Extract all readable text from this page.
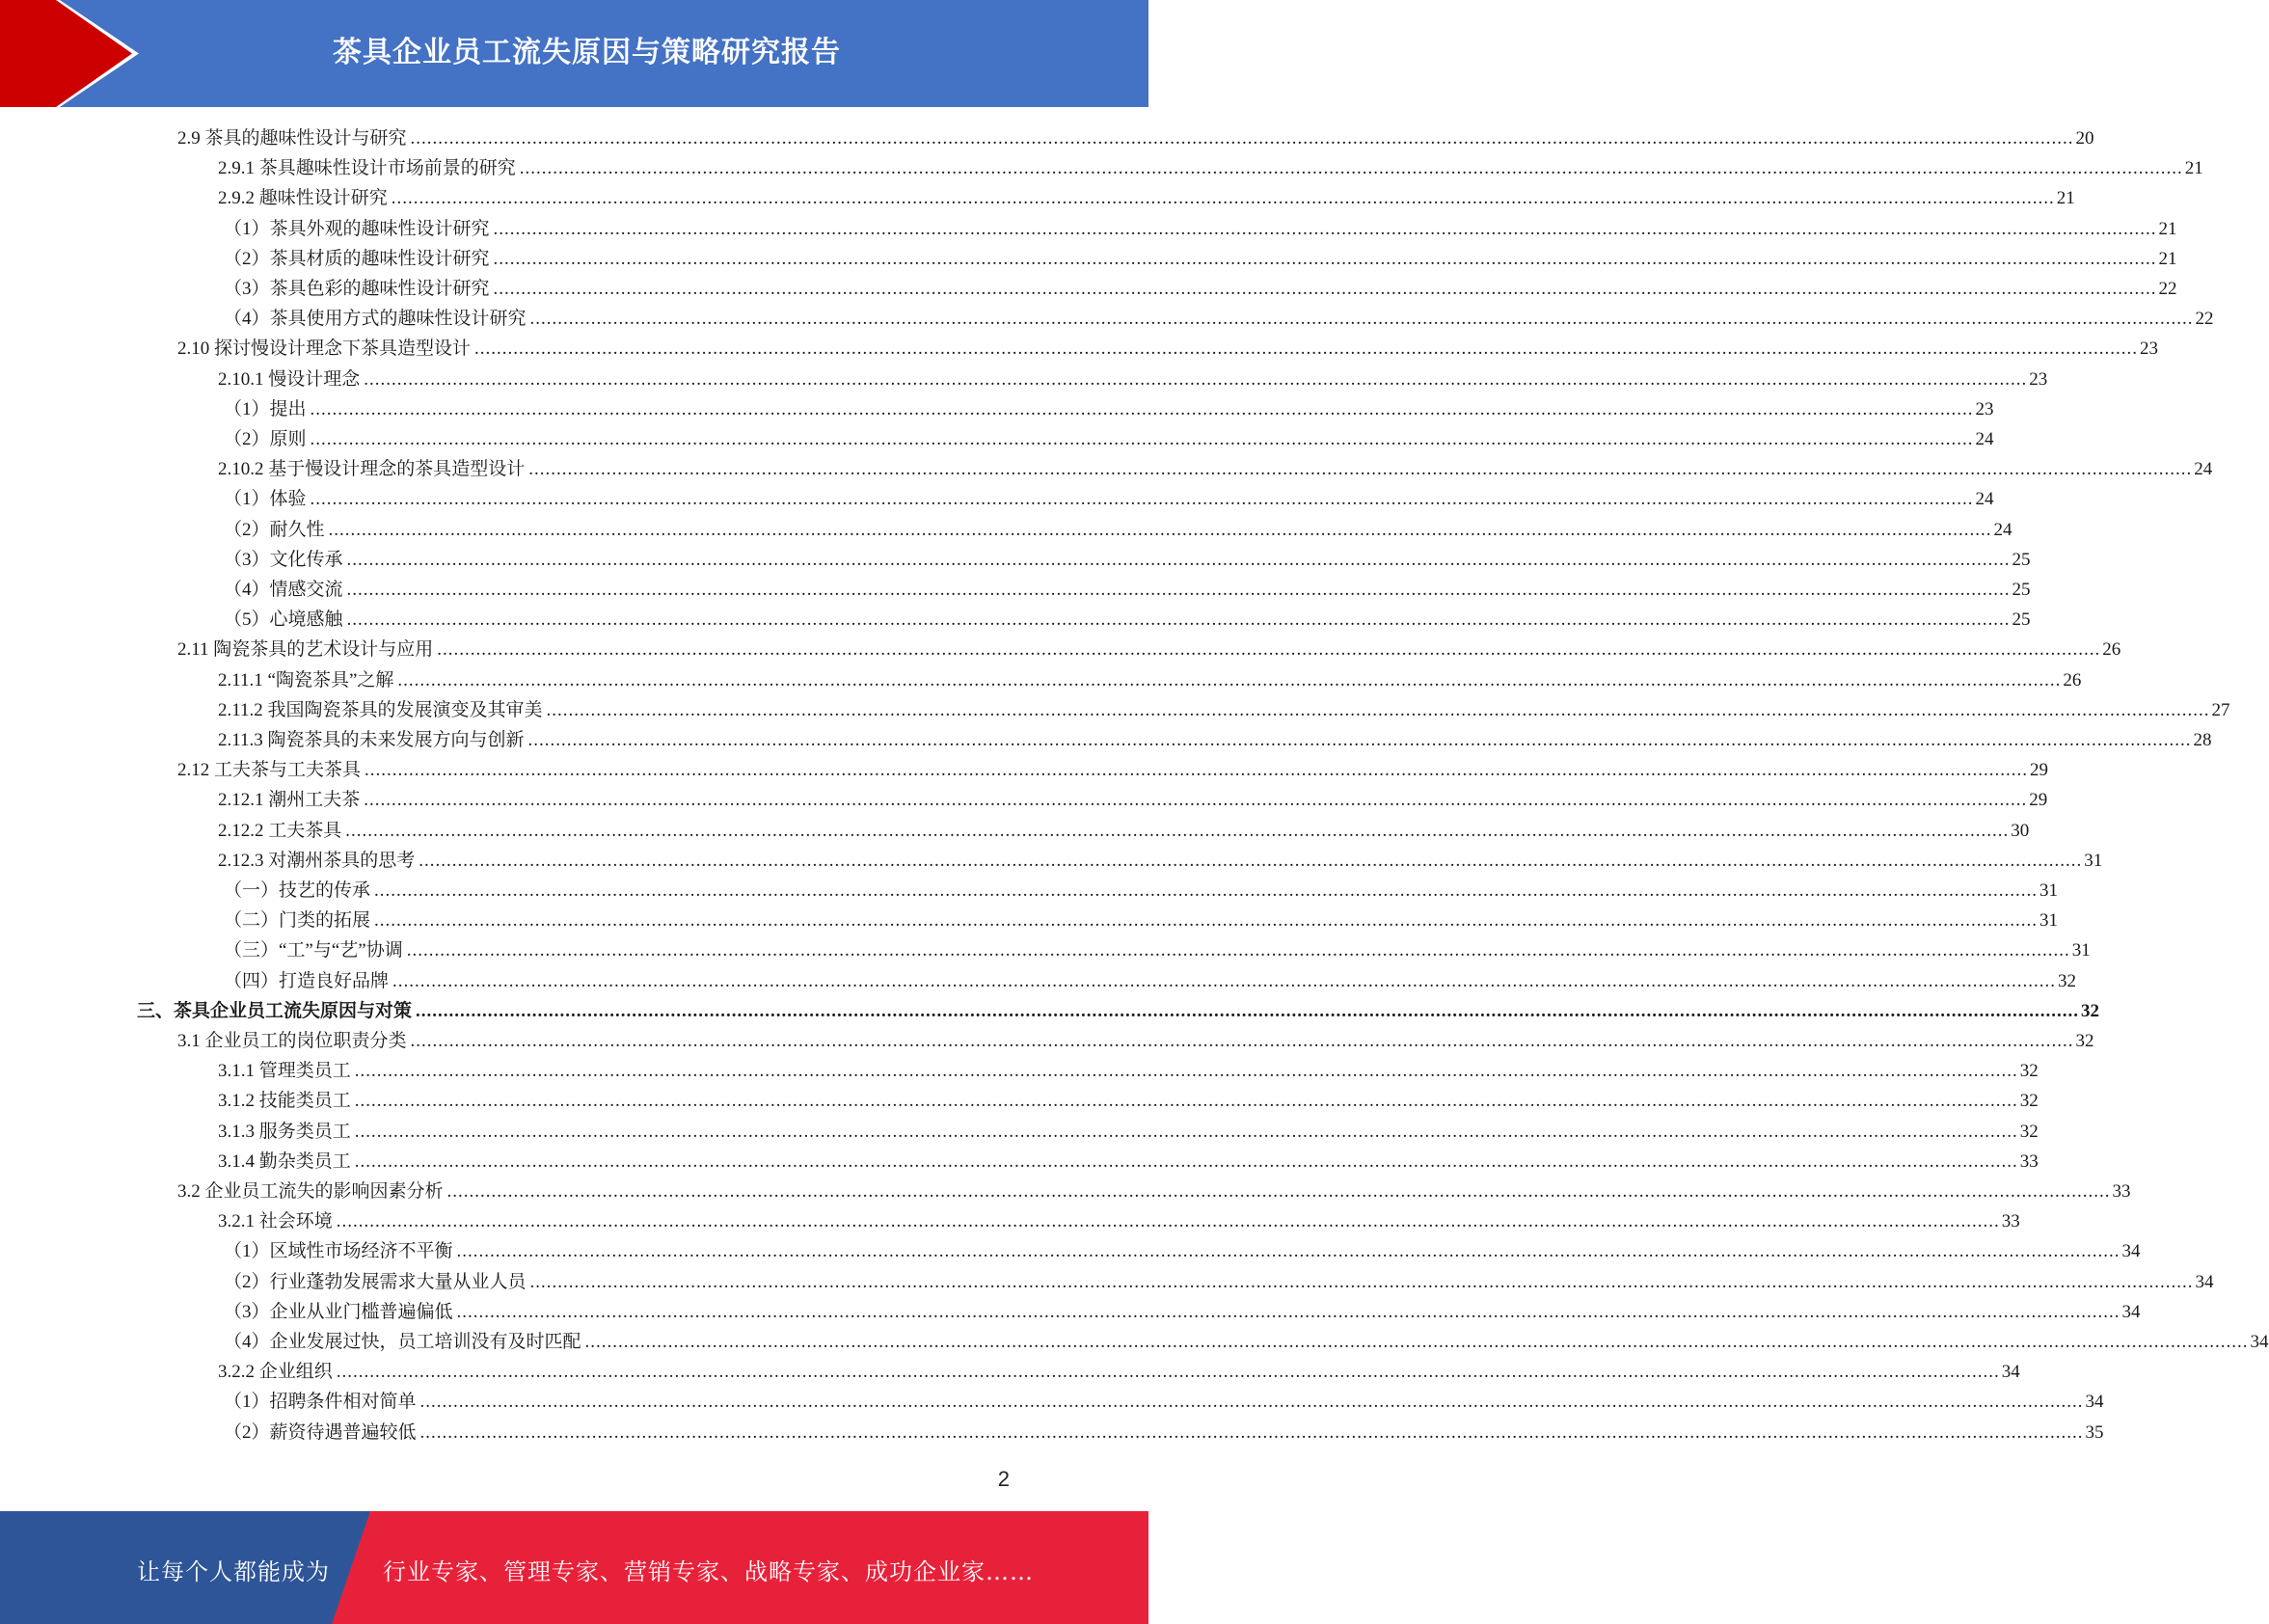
茶具企业员工流失原因与策略研究报告
2.9 茶具的趣味性设计与研究 ............................................................................................................................................................................................................................................................................................................ 20
2.9.1 茶具趣味性设计市场前景的研究 ............................................................................................................................................................................................................................................................................................................ 21
2.9.2 趣味性设计研究 ............................................................................................................................................................................................................................................................................................................ 21
（1）茶具外观的趣味性设计研究 ............................................................................................................................................................................................................................................................................................................ 21
（2）茶具材质的趣味性设计研究 ............................................................................................................................................................................................................................................................................................................ 21
（3）茶具色彩的趣味性设计研究 ............................................................................................................................................................................................................................................................................................................ 22
（4）茶具使用方式的趣味性设计研究 ............................................................................................................................................................................................................................................................................................................ 22
2.10 探讨慢设计理念下茶具造型设计 ............................................................................................................................................................................................................................................................................................................ 23
2.10.1 慢设计理念 ............................................................................................................................................................................................................................................................................................................ 23
（1）提出 ............................................................................................................................................................................................................................................................................................................ 23
（2）原则 ............................................................................................................................................................................................................................................................................................................ 24
2.10.2 基于慢设计理念的茶具造型设计 ............................................................................................................................................................................................................................................................................................................ 24
（1）体验 ............................................................................................................................................................................................................................................................................................................ 24
（2）耐久性 ............................................................................................................................................................................................................................................................................................................ 24
（3）文化传承 ............................................................................................................................................................................................................................................................................................................ 25
（4）情感交流 ............................................................................................................................................................................................................................................................................................................ 25
（5）心境感触 ............................................................................................................................................................................................................................................................................................................ 25
2.11 陶瓷茶具的艺术设计与应用 ............................................................................................................................................................................................................................................................................................................ 26
2.11.1 “陶瓷茶具”之解 ............................................................................................................................................................................................................................................................................................................ 26
2.11.2 我国陶瓷茶具的发展演变及其审美 ............................................................................................................................................................................................................................................................................................................ 27
2.11.3 陶瓷茶具的未来发展方向与创新 ............................................................................................................................................................................................................................................................................................................ 28
2.12 工夫茶与工夫茶具 ............................................................................................................................................................................................................................................................................................................ 29
2.12.1 潮州工夫茶 ............................................................................................................................................................................................................................................................................................................ 29
2.12.2 工夫茶具 ............................................................................................................................................................................................................................................................................................................ 30
2.12.3 对潮州茶具的思考 ............................................................................................................................................................................................................................................................................................................ 31
（一）技艺的传承 ............................................................................................................................................................................................................................................................................................................ 31
（二）门类的拓展 ............................................................................................................................................................................................................................................................................................................ 31
（三）“工”与“艺”协调 ............................................................................................................................................................................................................................................................................................................ 31
（四）打造良好品牌 ............................................................................................................................................................................................................................................................................................................ 32
三、茶具企业员工流失原因与对策 ............................................................................................................................................................................................................................................................................................................ 32
3.1 企业员工的岗位职责分类 ............................................................................................................................................................................................................................................................................................................ 32
3.1.1 管理类员工 ............................................................................................................................................................................................................................................................................................................ 32
3.1.2 技能类员工 ............................................................................................................................................................................................................................................................................................................ 32
3.1.3 服务类员工 ............................................................................................................................................................................................................................................................................................................ 32
3.1.4 勤杂类员工 ............................................................................................................................................................................................................................................................................................................ 33
3.2 企业员工流失的影响因素分析 ............................................................................................................................................................................................................................................................................................................ 33
3.2.1 社会环境 ............................................................................................................................................................................................................................................................................................................ 33
（1）区域性市场经济不平衡 ............................................................................................................................................................................................................................................................................................................ 34
（2）行业蓬勃发展需求大量从业人员 ............................................................................................................................................................................................................................................................................................................ 34
（3）企业从业门槛普遍偏低 ............................................................................................................................................................................................................................................................................................................ 34
（4）企业发展过快，员工培训没有及时匹配 ............................................................................................................................................................................................................................................................................................................ 34
3.2.2 企业组织 ............................................................................................................................................................................................................................................................................................................ 34
（1）招聘条件相对简单 ............................................................................................................................................................................................................................................................................................................ 34
（2）薪资待遇普遍较低 ............................................................................................................................................................................................................................................................................................................ 35
2
让每个人都能成为 行业专家、管理专家、营销专家、战略专家、成功企业家……
